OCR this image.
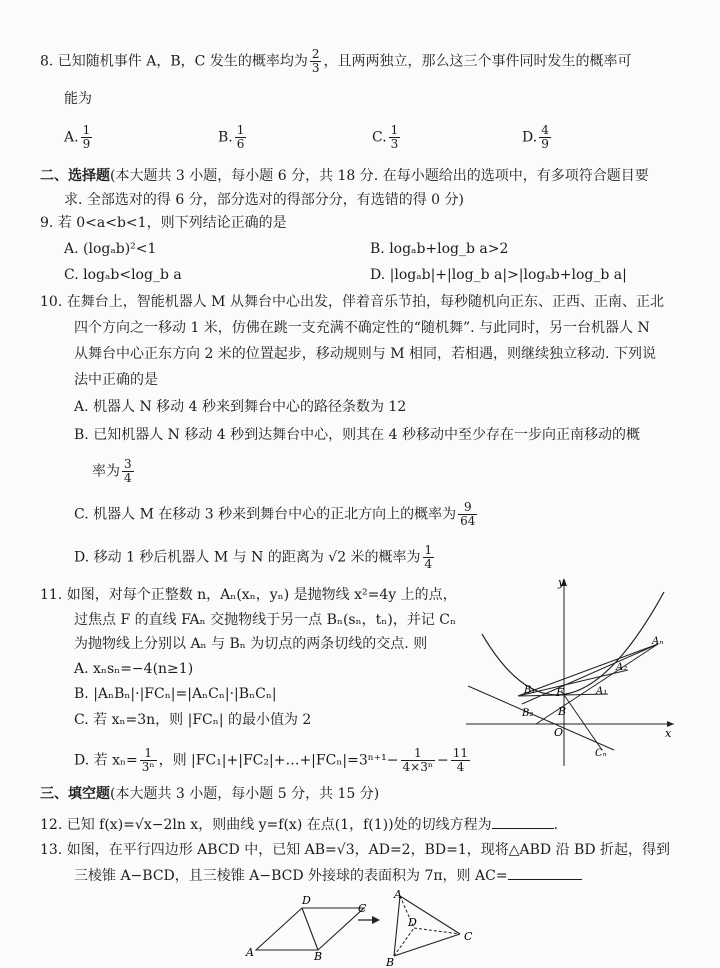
8. 已知随机事件 A，B，C 发生的概率均为 $\frac{2}{3}$ ，且两两独立，那么这三个事件同时发生的概率可
能为
A. $\frac{1}{9}$	B. $\frac{1}{6}$	C. $\frac{1}{3}$	D. $\frac{4}{9}$
二、选择题(本大题共 3 小题，每小题 6 分，共 18 分. 在每小题给出的选项中，有多项符合题目要
求. 全部选对的得 6 分，部分选对的得部分分，有选错的得 0 分)
9. 若 0<a<b<1，则下列结论正确的是
A. (logₐb)²<1	B. logₐb+log_b a>2
C. logₐb<log_b a	D. |logₐb|+|log_b a|>|logₐb+log_b a|
10. 在舞台上，智能机器人 M 从舞台中心出发，伴着音乐节拍，每秒随机向正东、正西、正南、正北
四个方向之一移动 1 米，仿佛在跳一支充满不确定性的“随机舞”. 与此同时，另一台机器人 N
从舞台中心正东方向 2 米的位置起步，移动规则与 M 相同，若相遇，则继续独立移动. 下列说
法中正确的是
A. 机器人 N 移动 4 秒来到舞台中心的路径条数为 12
B. 已知机器人 N 移动 4 秒到达舞台中心，则其在 4 秒移动中至少存在一步向正南移动的概
率为 $\frac{3}{4}$
C. 机器人 M 在移动 3 秒来到舞台中心的正北方向上的概率为 $\frac{9}{64}$
D. 移动 1 秒后机器人 M 与 N 的距离为 √2 米的概率为 $\frac{1}{4}$
11. 如图，对每个正整数 n，Aₙ(xₙ，yₙ) 是抛物线 x²=4y 上的点，
过焦点 F 的直线 FAₙ 交抛物线于另一点 Bₙ(sₙ，tₙ)，并记 Cₙ
为抛物线上分别以 Aₙ 与 Bₙ 为切点的两条切线的交点. 则
A. xₙsₙ=−4(n≥1)
B. |AₙBₙ|·|FCₙ|=|AₙCₙ|·|BₙCₙ|
C. 若 xₙ=3n，则 |FCₙ| 的最小值为 2
D. 若 $x_n= \frac{1}{\text{3ⁿ}}$ ，则 |FC₁|+|FC₂|+…+|FCₙ|=3ⁿ⁺¹− $\frac{1}{\text{4×3ⁿ}} - \frac{11}{4}$
y
x
O
F
B
B₁
B₂
A₁
A₂
Aₙ
Cₙ
三、填空题(本大题共 3 小题，每小题 5 分，共 15 分)
12. 已知 f(x)=√x−2ln x，则曲线 y=f(x) 在点(1，f(1))处的切线方程为	.
13. 如图，在平行四边形 ABCD 中，已知 AB=√3，AD=2，BD=1，现将△ABD 沿 BD 折起，得到
三棱锥 A−BCD，且三棱锥 A−BCD 外接球的表面积为 7π，则 AC=
A
D
C
B
A
B
C
D
